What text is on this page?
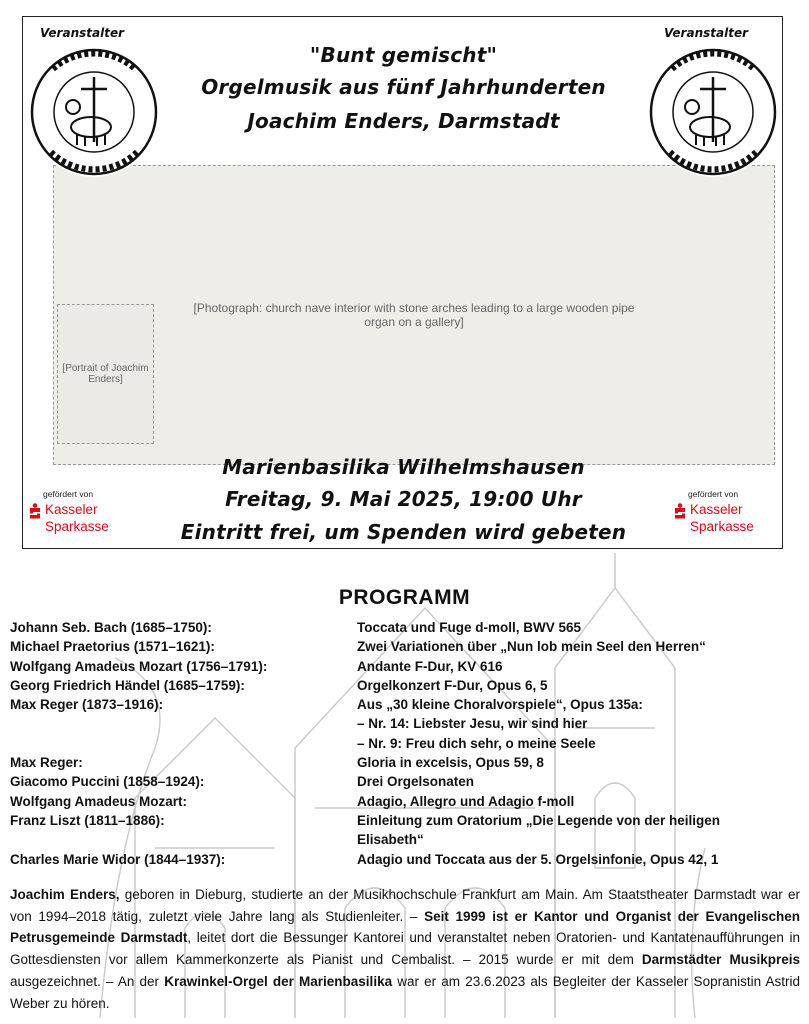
[Photograph: church nave interior with stone arches leading to a large wooden pipe organ on a gallery]
Veranstalter	Veranstalter
"Bunt gemischt"
Orgelmusik aus fünf Jahrhunderten
Joachim Enders, Darmstadt
[Portrait of Joachim Enders]
Marienbasilika Wilhelmshausen
Freitag, 9. Mai 2025, 19:00 Uhr
Eintritt frei, um Spenden wird gebeten
gefördert von
Kasseler
Sparkasse
gefördert von
Kasseler
Sparkasse
PROGRAMM
Johann Seb. Bach (1685–1750):	Toccata und Fuge d-moll, BWV 565
Michael Praetorius (1571–1621):	Zwei Variationen über „Nun lob mein Seel den Herren“
Wolfgang Amadeus Mozart (1756–1791):	Andante F-Dur, KV 616
Georg Friedrich Händel (1685–1759):	Orgelkonzert F-Dur, Opus 6, 5
Max Reger (1873–1916):	Aus „30 kleine Choralvorspiele“, Opus 135a:
– Nr. 14: Liebster Jesu, wir sind hier
– Nr. 9: Freu dich sehr, o meine Seele
Max Reger:	Gloria in excelsis, Opus 59, 8
Giacomo Puccini (1858–1924):	Drei Orgelsonaten
Wolfgang Amadeus Mozart:	Adagio, Allegro und Adagio f-moll
Franz Liszt (1811–1886):	Einleitung zum Oratorium „Die Legende von der heiligen
Elisabeth“
Charles Marie Widor (1844–1937):	Adagio und Toccata aus der 5. Orgelsinfonie, Opus 42, 1
Joachim Enders, geboren in Dieburg, studierte an der Musikhochschule Frankfurt am Main. Am Staatstheater Darmstadt war er von 1994–2018 tätig, zuletzt viele Jahre lang als Studienleiter. – Seit 1999 ist er Kantor und Organist der Evangelischen Petrusgemeinde Darmstadt, leitet dort die Bessunger Kantorei und veranstaltet neben Oratorien- und Kantatenaufführungen in Gottesdiensten vor allem Kammerkonzerte als Pianist und Cembalist. – 2015 wurde er mit dem Darmstädter Musikpreis ausgezeichnet. – An der Krawinkel-Orgel der Marienbasilika war er am 23.6.2023 als Begleiter der Kasseler Sopranistin Astrid Weber zu hören.
